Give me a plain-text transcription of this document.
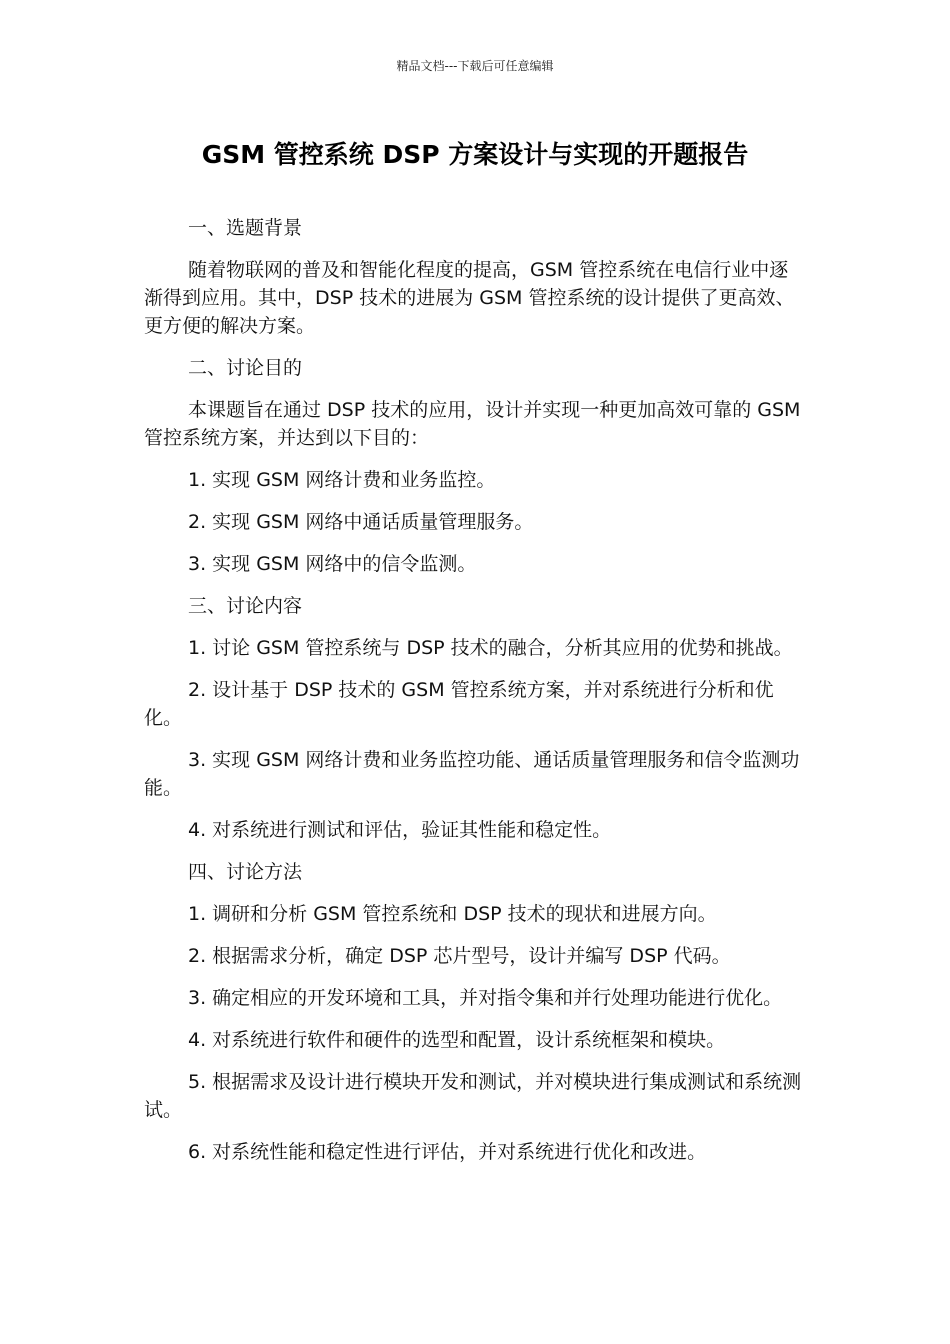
精品文档---下载后可任意编辑
GSM 管控系统 DSP 方案设计与实现的开题报告

一、选题背景

随着物联网的普及和智能化程度的提高，GSM 管控系统在电信行业中逐渐得到应用。其中，DSP 技术的进展为 GSM 管控系统的设计提供了更高效、更方便的解决方案。

二、讨论目的

本课题旨在通过 DSP 技术的应用，设计并实现一种更加高效可靠的 GSM 管控系统方案，并达到以下目的：

1. 实现 GSM 网络计费和业务监控。

2. 实现 GSM 网络中通话质量管理服务。

3. 实现 GSM 网络中的信令监测。

三、讨论内容

1. 讨论 GSM 管控系统与 DSP 技术的融合，分析其应用的优势和挑战。

2. 设计基于 DSP 技术的 GSM 管控系统方案，并对系统进行分析和优化。

3. 实现 GSM 网络计费和业务监控功能、通话质量管理服务和信令监测功能。

4. 对系统进行测试和评估，验证其性能和稳定性。

四、讨论方法

1. 调研和分析 GSM 管控系统和 DSP 技术的现状和进展方向。

2. 根据需求分析，确定 DSP 芯片型号，设计并编写 DSP 代码。

3. 确定相应的开发环境和工具，并对指令集和并行处理功能进行优化。

4. 对系统进行软件和硬件的选型和配置，设计系统框架和模块。

5. 根据需求及设计进行模块开发和测试，并对模块进行集成测试和系统测试。

6. 对系统性能和稳定性进行评估，并对系统进行优化和改进。
